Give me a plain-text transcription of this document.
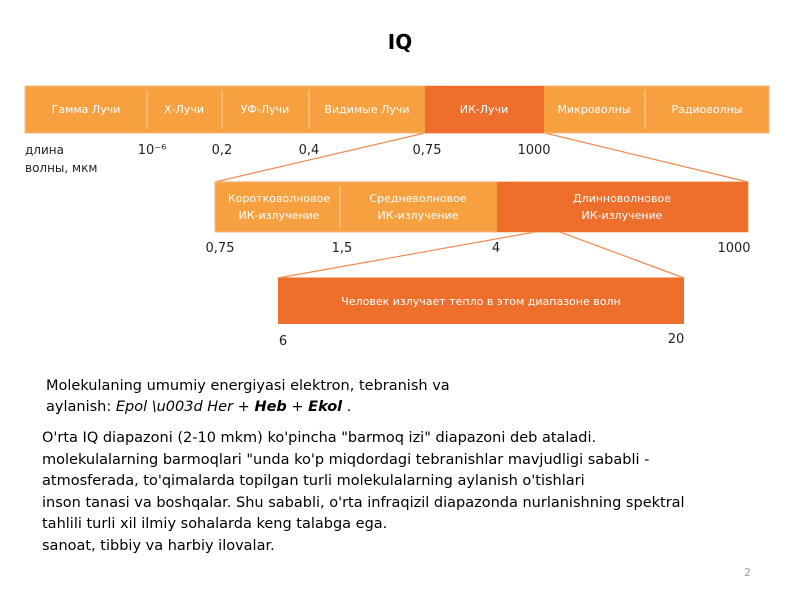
IQ
Гамма Лучи	Х-Лучи	УФ-Лучи	Видимые Лучи	ИК-Лучи	Микроволны	Радиоволны
длина
волны, мкм
10⁻⁶	0,2	0,4	0,75	1000
Коротковолновое
ИК-излучение
Средневолновое
ИК-излучение
Длинноволновое
ИК-излучение
0,75	1,5	4	1000
Человек излучает тепло в этом диапазоне волн
6	20
Molekulaning umumiy energiyasi elektron, tebranish va
aylanish: Epol \u003d Her + Heb + Ekol .
O'rta IQ diapazoni (2-10 mkm) ko'pincha "barmoq izi" diapazoni deb ataladi.
molekulalarning barmoqlari "unda ko'p miqdordagi tebranishlar mavjudligi sababli -
atmosferada, to'qimalarda topilgan turli molekulalarning aylanish o'tishlari
inson tanasi va boshqalar. Shu sababli, o'rta infraqizil diapazonda nurlanishning spektral
tahlili turli xil ilmiy sohalarda keng talabga ega.
sanoat, tibbiy va harbiy ilovalar.
2
